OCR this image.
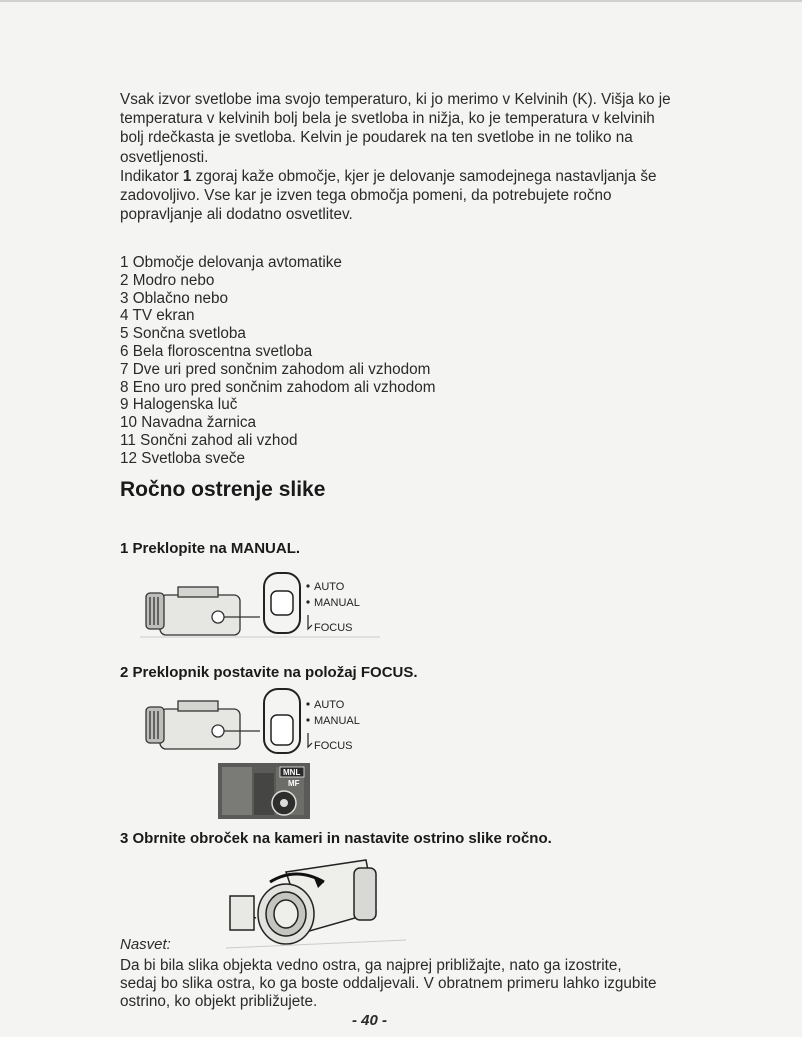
Vsak izvor svetlobe ima svojo temperaturo, ki jo merimo v Kelvinih (K). Višja ko je temperatura v kelvinih bolj bela je svetloba in nižja, ko je temperatura v kelvinih bolj rdečkasta je svetloba. Kelvin je poudarek na ten svetlobe in ne toliko na osvetljenosti.

Indikator 1 zgoraj kaže območje, kjer je delovanje samodejnega nastavljanja še zadovoljivo. Vse kar je izven tega območja pomeni, da potrebujete ročno popravljanje ali dodatno osvetlitev.

1 Območje delovanja avtomatike
2 Modro nebo
3 Oblačno nebo
4 TV ekran
5 Sončna svetloba
6 Bela floroscentna svetloba
7 Dve uri pred sončnim zahodom ali vzhodom
8 Eno uro pred sončnim zahodom ali vzhodom
9 Halogenska luč
10 Navadna žarnica
11 Sončni zahod ali vzhod
12 Svetloba sveče
Ročno ostrenje slike

1 Preklopite na MANUAL.

AUTO
MANUAL
FOCUS

2 Preklopnik postavite na položaj FOCUS.

AUTO
MANUAL
FOCUS
MNL
MF

3 Obrnite obroček na kameri in nastavite ostrino slike ročno.

Nasvet:

Da bi bila slika objekta vedno ostra, ga najprej približajte, nato ga izostrite, sedaj bo slika ostra, ko ga boste oddaljevali. V obratnem primeru lahko izgubite ostrino, ko objekt približujete.

- 40 -
